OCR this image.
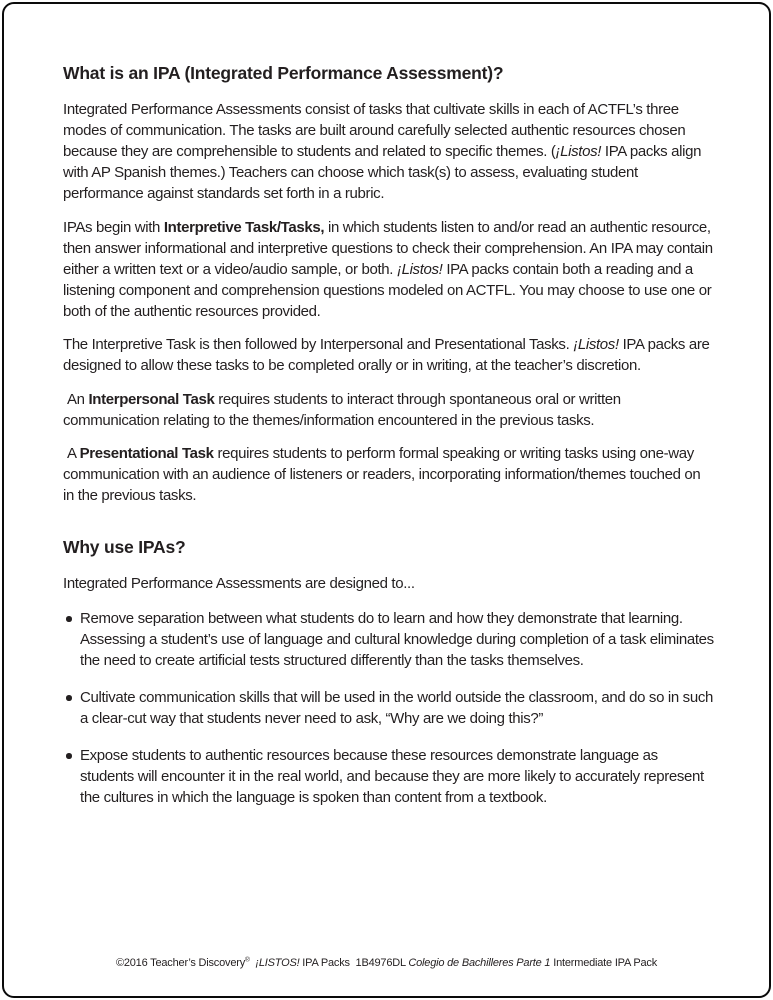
What is an IPA (Integrated Performance Assessment)?

Integrated Performance Assessments consist of tasks that cultivate skills in each of ACTFL’s three modes of communication. The tasks are built around carefully selected authentic resources chosen because they are comprehensible to students and related to specific themes. (¡Listos! IPA packs align with AP Spanish themes.) Teachers can choose which task(s) to assess, evaluating student performance against standards set forth in a rubric.

IPAs begin with Interpretive Task/Tasks, in which students listen to and/or read an authentic resource, then answer informational and interpretive questions to check their comprehension. An IPA may contain either a written text or a video/audio sample, or both. ¡Listos! IPA packs contain both a reading and a listening component and comprehension questions modeled on ACTFL. You may choose to use one or both of the authentic resources provided.

The Interpretive Task is then followed by Interpersonal and Presentational Tasks. ¡Listos! IPA packs are designed to allow these tasks to be completed orally or in writing, at the teacher’s discretion.

An Interpersonal Task requires students to interact through spontaneous oral or written communication relating to the themes/information encountered in the previous tasks.

A Presentational Task requires students to perform formal speaking or writing tasks using one-way communication with an audience of listeners or readers, incorporating information/themes touched on in the previous tasks.

Why use IPAs?

Integrated Performance Assessments are designed to...

Remove separation between what students do to learn and how they demonstrate that learning. Assessing a student’s use of language and cultural knowledge during completion of a task eliminates the need to create artificial tests structured differently than the tasks themselves.
Cultivate communication skills that will be used in the world outside the classroom, and do so in such a clear-cut way that students never need to ask, “Why are we doing this?”
Expose students to authentic resources because these resources demonstrate language as students will encounter it in the real world, and because they are more likely to accurately represent the cultures in which the language is spoken than content from a textbook.
©2016 Teacher’s Discovery® ¡LISTOS! IPA Packs  1B4976DL Colegio de Bachilleres Parte 1 Intermediate IPA Pack
